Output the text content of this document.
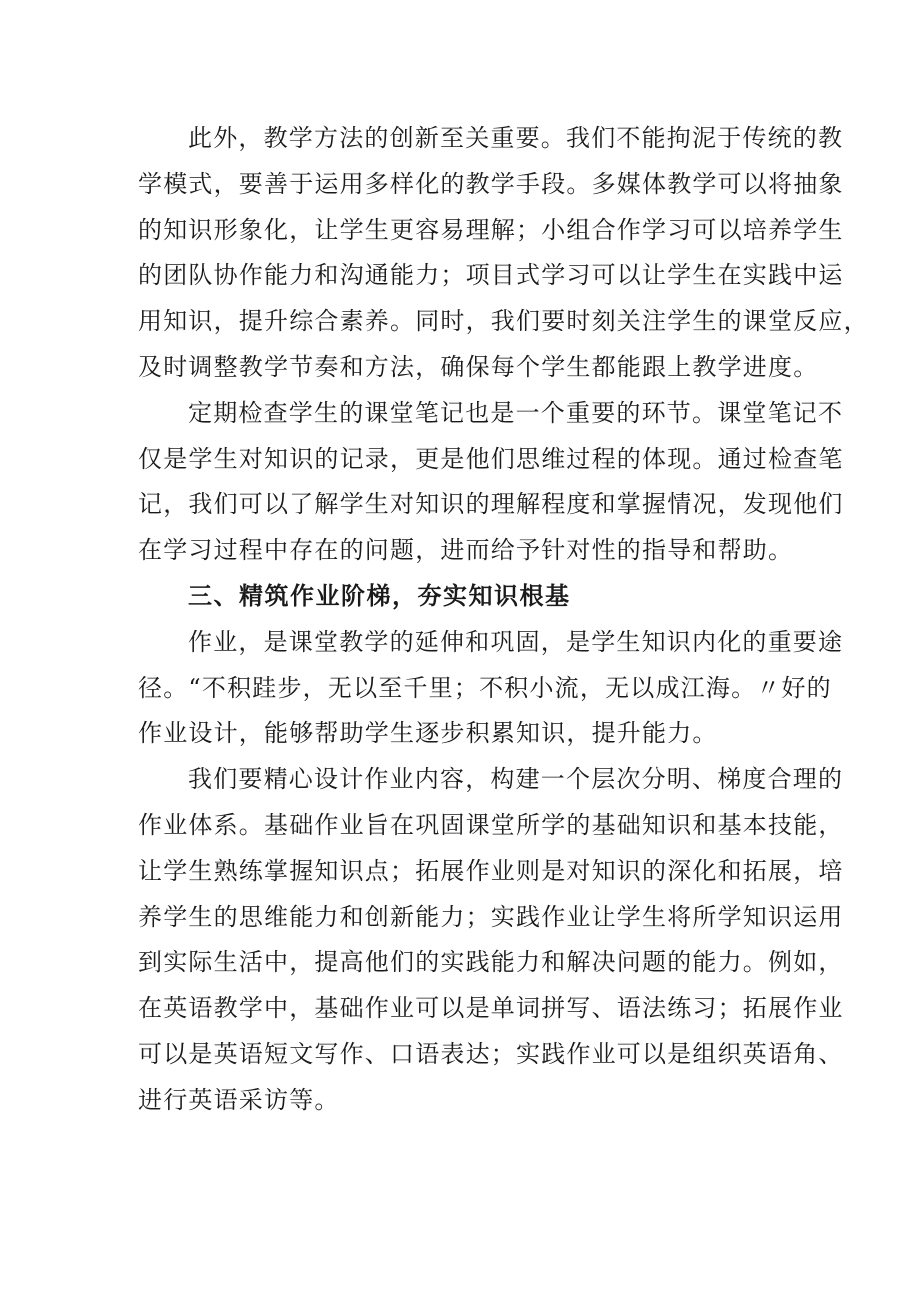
此外，教学方法的创新至关重要。我们不能拘泥于传统的教
学模式，要善于运用多样化的教学手段。多媒体教学可以将抽象
的知识形象化，让学生更容易理解；小组合作学习可以培养学生
的团队协作能力和沟通能力；项目式学习可以让学生在实践中运
用知识，提升综合素养。同时，我们要时刻关注学生的课堂反应，
及时调整教学节奏和方法，确保每个学生都能跟上教学进度。
定期检查学生的课堂笔记也是一个重要的环节。课堂笔记不
仅是学生对知识的记录，更是他们思维过程的体现。通过检查笔
记，我们可以了解学生对知识的理解程度和掌握情况，发现他们
在学习过程中存在的问题，进而给予针对性的指导和帮助。
三、精筑作业阶梯，夯实知识根基
作业，是课堂教学的延伸和巩固，是学生知识内化的重要途
径。“不积跬步，无以至千里；不积小流，无以成江海。〃好的
作业设计，能够帮助学生逐步积累知识，提升能力。
我们要精心设计作业内容，构建一个层次分明、梯度合理的
作业体系。基础作业旨在巩固课堂所学的基础知识和基本技能，
让学生熟练掌握知识点；拓展作业则是对知识的深化和拓展，培
养学生的思维能力和创新能力；实践作业让学生将所学知识运用
到实际生活中，提高他们的实践能力和解决问题的能力。例如，
在英语教学中，基础作业可以是单词拼写、语法练习；拓展作业
可以是英语短文写作、口语表达；实践作业可以是组织英语角、
进行英语采访等。
